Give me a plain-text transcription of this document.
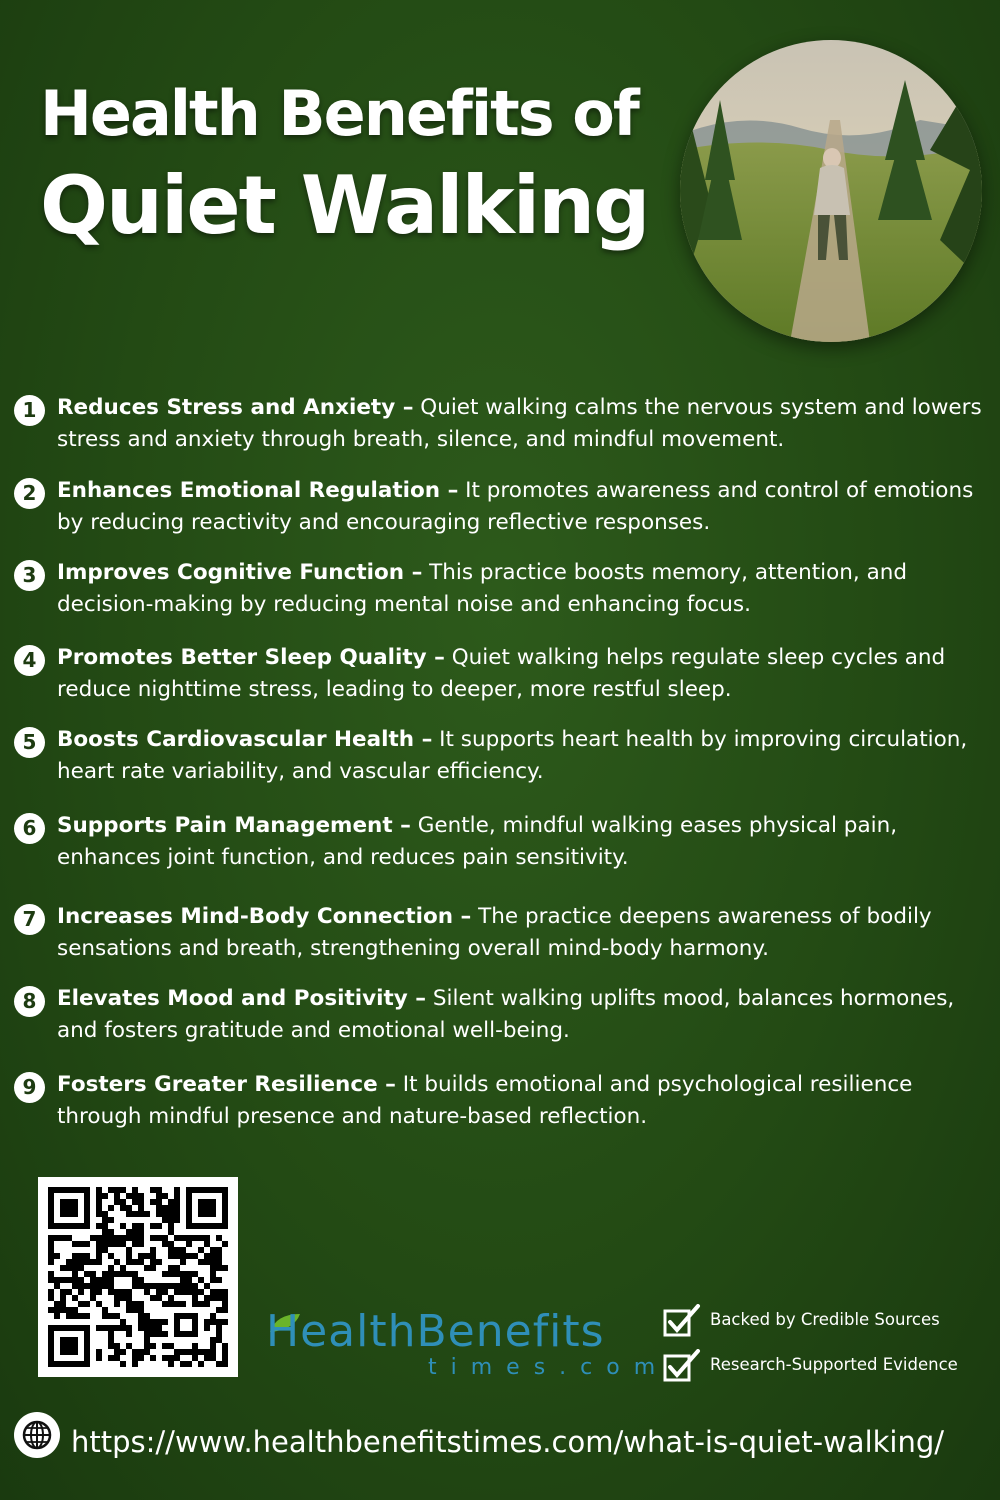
Health Benefits of
Quiet Walking
1 Reduces Stress and Anxiety – Quiet walking calms the nervous system and lowers stress and anxiety through breath, silence, and mindful movement.

2 Enhances Emotional Regulation – It promotes awareness and control of emotions by reducing reactivity and encouraging reflective responses.

3 Improves Cognitive Function – This practice boosts memory, attention, and decision-making by reducing mental noise and enhancing focus.

4 Promotes Better Sleep Quality – Quiet walking helps regulate sleep cycles and reduce nighttime stress, leading to deeper, more restful sleep.

5 Boosts Cardiovascular Health – It supports heart health by improving circulation, heart rate variability, and vascular efficiency.

6 Supports Pain Management – Gentle, mindful walking eases physical pain, enhances joint function, and reduces pain sensitivity.

7 Increases Mind-Body Connection – The practice deepens awareness of bodily sensations and breath, strengthening overall mind-body harmony.

8 Elevates Mood and Positivity – Silent walking uplifts mood, balances hormones, and fosters gratitude and emotional well-being.

9 Fosters Greater Resilience – It builds emotional and psychological resilience through mindful presence and nature-based reflection.

HealthBenefits
times.com
Backed by Credible Sources
Research-Supported Evidence
https://www.healthbenefitstimes.com/what-is-quiet-walking/
